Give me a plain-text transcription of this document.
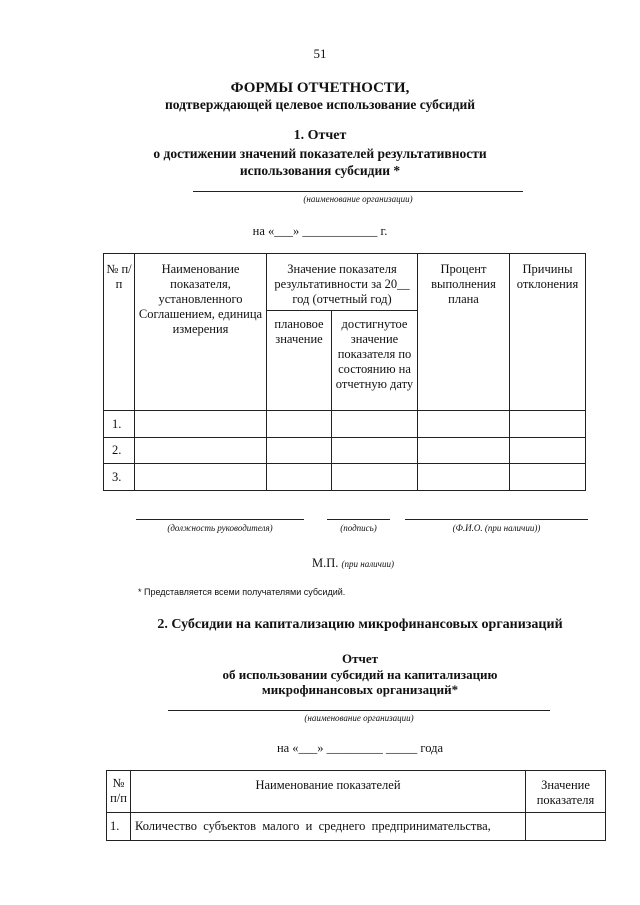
51
ФОРМЫ ОТЧЕТНОСТИ,
подтверждающей целевое использование субсидий
1. Отчет
о достижении значений показателей результативности
использования субсидии *
(наименование организации)
на «___» ____________ г.
№ п/п	Наименование показателя, установленного Соглашением, единица измерения	Значение показателя результативности за 20__ год (отчетный год)		Процент выполнения плана	Причины отклонения
		плановое значение	достигнутое значение показателя по состоянию на отчетную дату		
1.					
2.					
3.					
(должность руководителя)	(подпись)	(Ф.И.О. (при наличии))
М.П. (при наличии)
* Представляется всеми получателями субсидий.
2. Субсидии на капитализацию микрофинансовых организаций
Отчет
об использовании субсидий на капитализацию
микрофинансовых организаций*
(наименование организации)
на «___» _________ _____ года
№ п/п	Наименование показателей	Значение показателя
1.	Количество  субъектов  малого  и  среднего  предпринимательства,	
